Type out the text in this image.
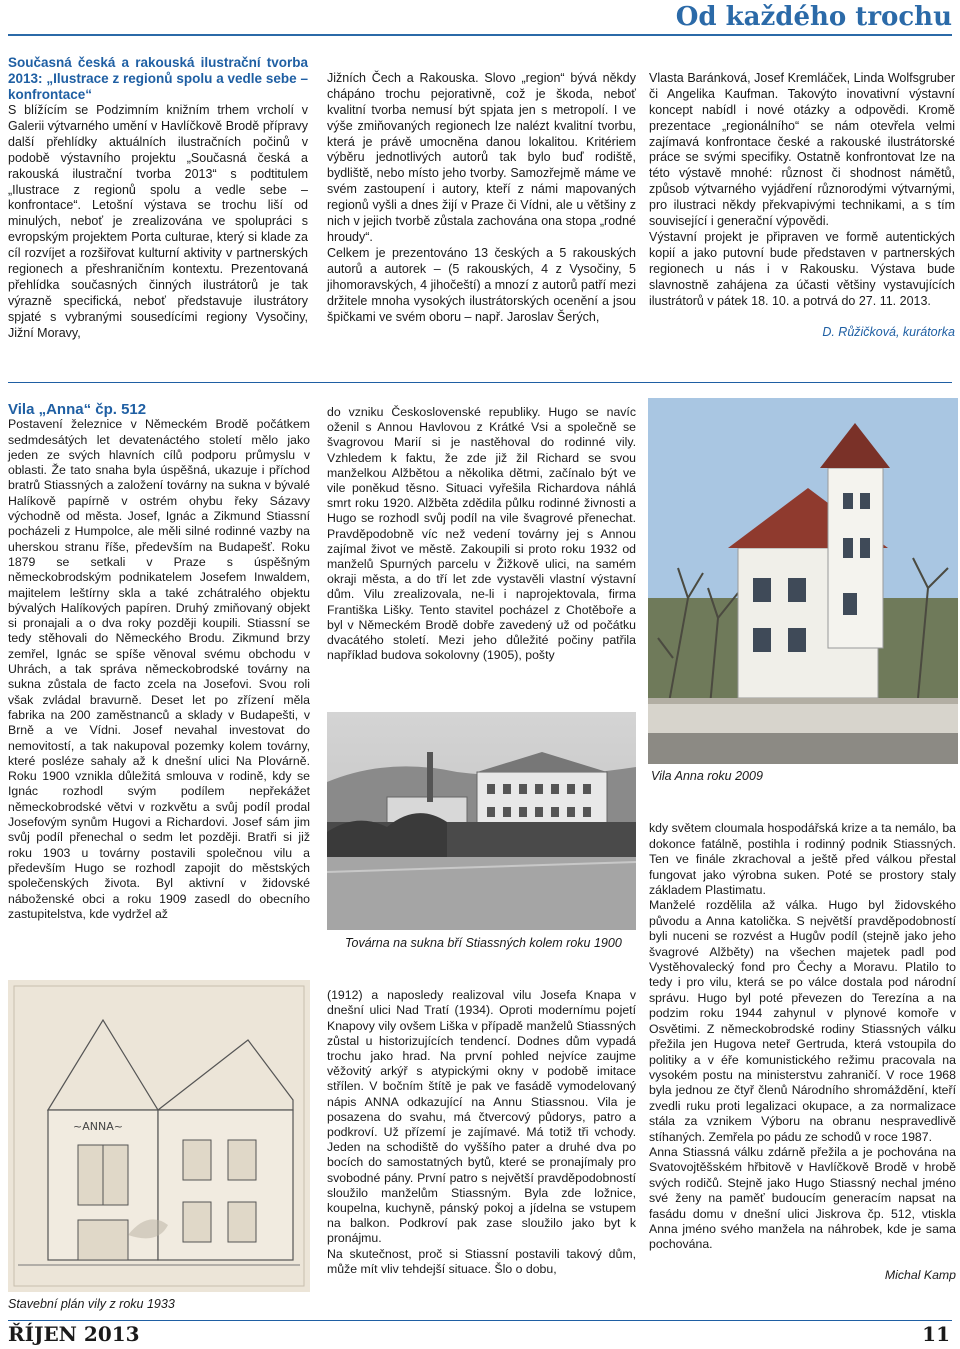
Od každého trochu

Současná česká a rakouská ilustrační tvorba 2013: „Ilustrace z regionů spolu a vedle sebe – konfrontace“

S blížícím se Podzimním knižním trhem vrcholí v Galerii výtvarného umění v Havlíčkově Brodě přípravy další přehlídky aktuálních ilustračních počinů v podobě výstavního projektu „Současná česká a rakouská ilustrační tvorba 2013“ s podtitulem „Ilustrace z regionů spolu a vedle sebe – konfrontace“. Letošní výstava se trochu liší od minulých, neboť je zrealizována ve spolupráci s evropským projektem Porta culturae, který si klade za cíl rozvíjet a rozšiřovat kulturní aktivity v partnerských regionech a přeshraničním kontextu. Prezentovaná přehlídka současných činných ilustrátorů je tak výrazně specifická, neboť představuje ilustrátory spjaté s vybranými sousedícími regiony Vysočiny, Jižní Moravy,

Jižních Čech a Rakouska. Slovo „region“ bývá někdy chápáno trochu pejorativně, což je škoda, neboť kvalitní tvorba nemusí být spjata jen s metropolí. I ve výše zmiňovaných regionech lze nalézt kvalitní tvorbu, která je právě umocněna danou lokalitou. Kritériem výběru jednotlivých autorů tak bylo buď rodiště, bydliště, nebo místo jeho tvorby. Samozřejmě máme ve svém zastoupení i autory, kteří z námi mapovaných regionů vyšli a dnes žijí v Praze či Vídni, ale u většiny z nich v jejich tvorbě zůstala zachována ona stopa „rodné hroudy“.
Celkem je prezentováno 13 českých a 5 rakouských autorů a autorek – (5 rakouských, 4 z Vysočiny, 5 jihomoravských, 4 jihočeští) a mnozí z autorů patří mezi držitele mnoha vysokých ilustrátorských ocenění a jsou špičkami ve svém oboru – např. Jaroslav Šerých,

Vlasta Baránková, Josef Kremláček, Linda Wolfsgruber či Angelika Kaufman. Takovýto inovativní výstavní koncept nabídl i nové otázky a odpovědi. Kromě prezentace „regionálního“ se nám otevřela velmi zajímavá konfrontace české a rakouské ilustrátorské práce se svými specifiky. Ostatně konfrontovat lze na této výstavě mnohé: různost či shodnost námětů, způsob výtvarného vyjádření různorodými výtvarnými, pro ilustraci někdy překvapivými technikami, a s tím související i generační výpovědi.
Výstavní projekt je připraven ve formě autentických kopií a jako putovní bude představen v partnerských regionech u nás i v Rakousku. Výstava bude slavnostně zahájena za účasti většiny vystavujících ilustrátorů v pátek 18. 10. a potrvá do 27. 11. 2013.

D. Růžičková, kurátorka

Vila „Anna“ čp. 512

Postavení železnice v Německém Brodě počátkem sedmdesátých let devatenáctého století mělo jako jeden ze svých hlavních cílů podporu průmyslu v oblasti. Že tato snaha byla úspěšná, ukazuje i příchod bratrů Stiassných a založení továrny na sukna v bývalé Halíkově papírně v ostrém ohybu řeky Sázavy východně od města. Josef, Ignác a Zikmund Stiassní pocházeli z Humpolce, ale měli silné rodinné vazby na uherskou stranu říše, především na Budapešť. Roku 1879 se setkali v Praze s úspěšným německobrodským podnikatelem Josefem Inwaldem, majitelem leštírny skla a také zchátralého objektu bývalých Halíkových papíren. Druhý zmiňovaný objekt si pronajali a o dva roky později koupili. Stiassní se tedy stěhovali do Německého Brodu. Zikmund brzy zemřel, Ignác se spíše věnoval svému obchodu v Uhrách, a tak správa německobrodské továrny na sukna zůstala de facto zcela na Josefovi. Svou roli však zvládal bravurně. Deset let po zřízení měla fabrika na 200 zaměstnanců a sklady v Budapešti, v Brně a ve Vídni. Josef nevahal investovat do nemovitostí, a tak nakupoval pozemky kolem továrny, které posléze sahaly až k dnešní ulici Na Plovárně. Roku 1900 vznikla důležitá smlouva v rodině, kdy se Ignác rozhodl svým podílem nepřekážet německobrodské větvi v rozkvětu a svůj podíl prodal Josefovým synům Hugovi a Richardovi. Josef sám jim svůj podíl přenechal o sedm let později. Bratři si již roku 1903 u továrny postavili společnou vilu a především Hugo se rozhodl zapojit do městských společenských života. Byl aktivní v židovské náboženské obci a roku 1909 zasedl do obecního zastupitelstva, kde vydržel až

~ANNA~
Stavební plán vily z roku 1933

do vzniku Československé republiky. Hugo se navíc oženil s Annou Havlovou z Krátké Vsi a společně se švagrovou Marií si je nastěhoval do rodinné vily. Vzhledem k faktu, že zde již žil Richard se svou manželkou Alžbětou a několika dětmi, začínalo být ve vile poněkud těsno. Situaci vyřešila Richardova náhlá smrt roku 1920. Alžběta zdědila půlku rodinné živnosti a Hugo se rozhodl svůj podíl na vile švagrové přenechat. Pravděpodobně víc než vedení továrny jej s Annou zajímal život ve městě. Zakoupili si proto roku 1932 od manželů Spurných parcelu v Žižkově ulici, na samém okraji města, a do tří let zde vystavěli vlastní výstavní dům. Vilu zrealizovala, ne-li i naprojektovala, firma Františka Lišky. Tento stavitel pocházel z Chotěboře a byl v Německém Brodě dobře zavedený už od počátku dvacátého století. Mezi jeho důležité počiny patřila například budova sokolovny (1905), pošty

Továrna na sukna bří Stiassných kolem roku 1900

(1912) a naposledy realizoval vilu Josefa Knapa v dnešní ulici Nad Tratí (1934). Oproti modernímu pojetí Knapovy vily ovšem Liška v případě manželů Stiassných zůstal u historizujících tendencí. Dodnes dům vypadá trochu jako hrad. Na první pohled nejvíce zaujme věžovitý arkýř s atypickými okny v podobě imitace střílen. V bočním štítě je pak ve fasádě vymodelovaný nápis ANNA odkazující na Annu Stiassnou. Vila je posazena do svahu, má čtvercový půdorys, patro a podkroví. Už přízemí je zajímavé. Má totiž tři vchody. Jeden na schodiště do vyššího pater a druhé dva po bocích do samostatných bytů, které se pronajímaly pro svobodné pány. První patro s největší pravděpodobností sloužilo manželům Stiassným. Byla zde ložnice, koupelna, kuchyně, pánský pokoj a jídelna se vstupem na balkon. Podkroví pak zase sloužilo jako byt k pronájmu.
Na skutečnost, proč si Stiassní postavili takový dům, může mít vliv tehdejší situace. Šlo o dobu,

Vila Anna roku 2009

kdy světem cloumala hospodářská krize a ta nemálo, ba dokonce fatálně, postihla i rodinný podnik Stiassných. Ten ve finále zkrachoval a ještě před válkou přestal fungovat jako výrobna suken. Poté se prostory staly základem Plastimatu.
Manželé rozdělila až válka. Hugo byl židovského původu a Anna katolička. S největší pravděpodobností byli nuceni se rozvést a Hugův podíl (stejně jako jeho švagrové Alžběty) na všechen majetek padl pod Vystěhovalecký fond pro Čechy a Moravu. Platilo to tedy i pro vilu, která se po válce dostala pod národní správu. Hugo byl poté převezen do Terezína a na podzim roku 1944 zahynul v plynové komoře v Osvětimi. Z německobrodské rodiny Stiassných válku přežila jen Hugova neteř Gertruda, která vstoupila do politiky a v éře komunistického režimu pracovala na vysokém postu na ministerstvu zahraničí. V roce 1968 byla jednou ze čtyř členů Národního shromáždění, kteří zvedli ruku proti legalizaci okupace, a za normalizace stála za vznikem Výboru na obranu nespravedlivě stíhaných. Zemřela po pádu ze schodů v roce 1987.
Anna Stiassná válku zdárně přežila a je pochována na Svatovojtěšském hřbitově v Havlíčkově Brodě v hrobě svých rodičů. Stejně jako Hugo Stiassný nechal jméno své ženy na paměť budoucím generacím napsat na fasádu domu v dnešní ulici Jiskrova čp. 512, vtiskla Anna jméno svého manžela na náhrobek, kde je sama pochována.

Michal Kamp

ŘÍJEN 2013	11
